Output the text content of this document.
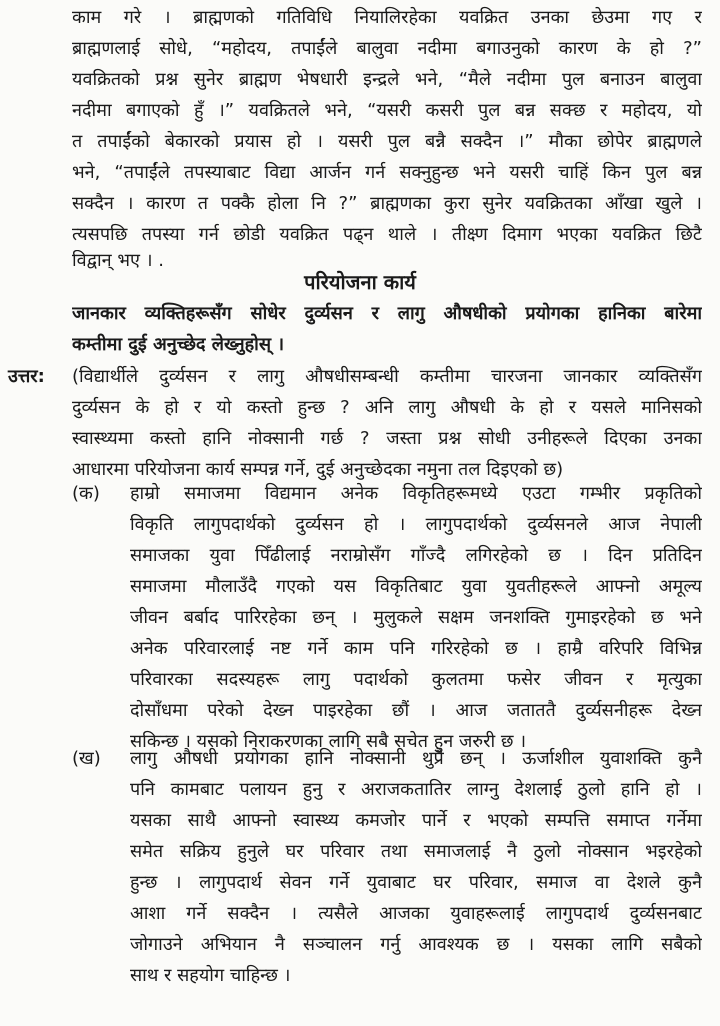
काम गरे । ब्राह्मणको गतिविधि नियालिरहेका यवक्रित उनका छेउमा गए र
ब्राह्मणलाई सोधे, “महोदय, तपाईंले बालुवा नदीमा बगाउनुको कारण के हो ?”
यवक्रितको प्रश्न सुनेर ब्राह्मण भेषधारी इन्द्रले भने, “मैले नदीमा पुल बनाउन बालुवा
नदीमा बगाएको हुँ ।” यवक्रितले भने, “यसरी कसरी पुल बन्न सक्छ र महोदय, यो
त तपाईंको बेकारको प्रयास हो । यसरी पुल बन्नै सक्दैन ।” मौका छोपेर ब्राह्मणले
भने, “तपाईंले तपस्याबाट विद्या आर्जन गर्न सक्नुहुन्छ भने यसरी चाहिं किन पुल बन्न
सक्दैन । कारण त पक्कै होला नि ?” ब्राह्मणका कुरा सुनेर यवक्रितका आँखा खुले ।
त्यसपछि तपस्या गर्न छोडी यवक्रित पढ्न थाले । तीक्ष्ण दिमाग भएका यवक्रित छिटै
विद्वान् भए । .
परियोजना कार्य
जानकार व्यक्तिहरूसँग सोधेर दुर्व्यसन र लागु औषधीको प्रयोगका हानिका बारेमा
कम्तीमा दुई अनुच्छेद लेख्नुहोस् ।
उत्तर: (विद्यार्थीले दुर्व्यसन र लागु औषधीसम्बन्धी कम्तीमा चारजना जानकार व्यक्तिसँग
दुर्व्यसन के हो र यो कस्तो हुन्छ ? अनि लागु औषधी के हो र यसले मानिसको
स्वास्थ्यमा कस्तो हानि नोक्सानी गर्छ ? जस्ता प्रश्न सोधी उनीहरूले दिएका उनका
आधारमा परियोजना कार्य सम्पन्न गर्ने, दुई अनुच्छेदका नमुना तल दिइएको छ)
(क) हाम्रो समाजमा विद्यमान अनेक विकृतिहरूमध्ये एउटा गम्भीर प्रकृतिको
विकृति लागुपदार्थको दुर्व्यसन हो । लागुपदार्थको दुर्व्यसनले आज नेपाली
समाजका युवा पिँढीलाई नराम्रोसँग गाँज्दै लगिरहेको छ । दिन प्रतिदिन
समाजमा मौलाउँदै गएको यस विकृतिबाट युवा युवतीहरूले आफ्नो अमूल्य
जीवन बर्बाद पारिरहेका छन् । मुलुकले सक्षम जनशक्ति गुमाइरहेको छ भने
अनेक परिवारलाई नष्ट गर्ने काम पनि गरिरहेको छ । हाम्रै वरिपरि विभिन्न
परिवारका सदस्यहरू लागु पदार्थको कुलतमा फसेर जीवन र मृत्युका
दोसाँधमा परेको देख्न पाइरहेका छौं । आज जताततै दुर्व्यसनीहरू देख्न
सकिन्छ । यसको निराकरणका लागि सबै सचेत हुन जरुरी छ ।
(ख) लागु औषधी प्रयोगका हानि नोक्सानी थुप्रै छन् । ऊर्जाशील युवाशक्ति कुनै
पनि कामबाट पलायन हुनु र अराजकतातिर लाग्नु देशलाई ठुलो हानि हो ।
यसका साथै आफ्नो स्वास्थ्य कमजोर पार्ने र भएको सम्पत्ति समाप्त गर्नेमा
समेत सक्रिय हुनुले घर परिवार तथा समाजलाई नै ठुलो नोक्सान भइरहेको
हुन्छ । लागुपदार्थ सेवन गर्ने युवाबाट घर परिवार, समाज वा देशले कुनै
आशा गर्ने सक्दैन । त्यसैले आजका युवाहरूलाई लागुपदार्थ दुर्व्यसनबाट
जोगाउने अभियान नै सञ्चालन गर्नु आवश्यक छ । यसका लागि सबैको
साथ र सहयोग चाहिन्छ ।
